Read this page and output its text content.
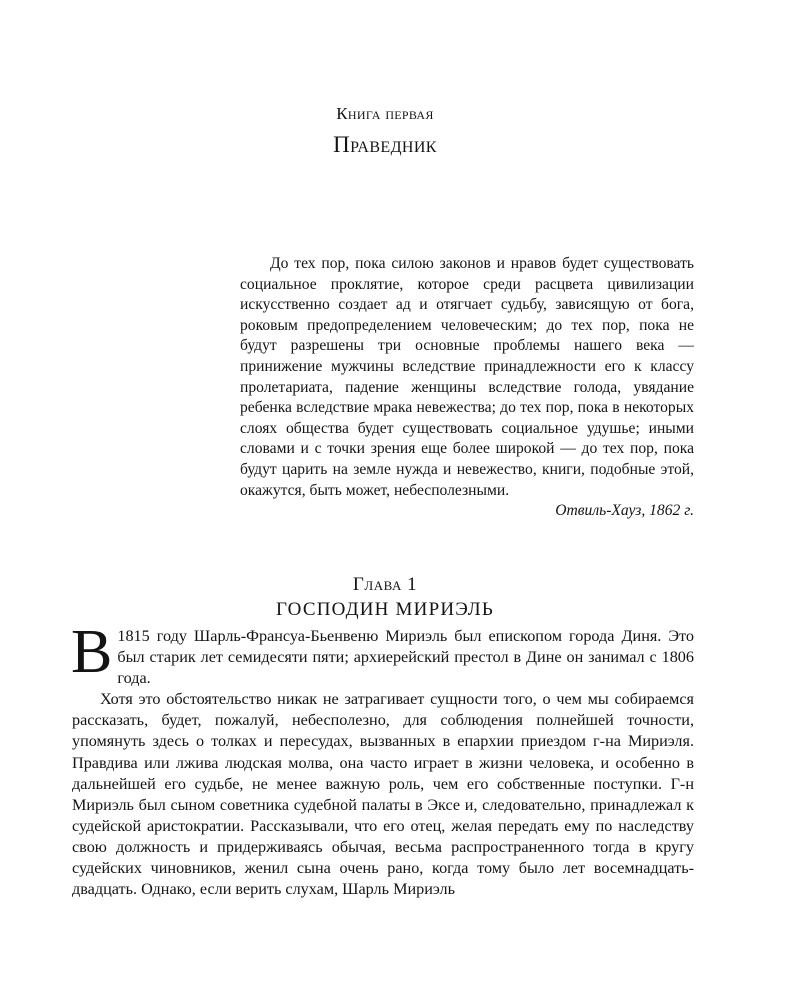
Книга первая
Праведник

До тех пор, пока силою законов и нравов будет существовать социальное проклятие, которое среди расцвета цивилизации искусственно создает ад и отягчает судьбу, зависящую от бога, роковым предопределением человеческим; до тех пор, пока не будут разрешены три основные проблемы нашего века — принижение мужчины вследствие принадлежности его к классу пролетариата, падение женщины вследствие голода, увядание ребенка вследствие мрака невежества; до тех пор, пока в некоторых слоях общества будет существовать социальное удушье; иными словами и с точки зрения еще более широкой — до тех пор, пока будут царить на земле нужда и невежество, книги, подобные этой, окажутся, быть может, небесполезными.

Отвиль-Хауз, 1862 г.

Глава 1
ГОСПОДИН МИРИЭЛЬ

В 1815 году Шарль-Франсуа-Бьенвеню Мириэль был епископом города Диня. Это был старик лет семидесяти пяти; архиерейский престол в Дине он занимал с 1806 года.

Хотя это обстоятельство никак не затрагивает сущности того, о чем мы собираемся рассказать, будет, пожалуй, небесполезно, для соблюдения полнейшей точности, упомянуть здесь о толках и пересудах, вызванных в епархии приездом г-на Мириэля. Правдива или лжива людская молва, она часто играет в жизни человека, и особенно в дальнейшей его судьбе, не менее важную роль, чем его собственные поступки. Г-н Мириэль был сыном советника судебной палаты в Эксе и, следовательно, принадлежал к судейской аристократии. Рассказывали, что его отец, желая передать ему по наследству свою должность и придерживаясь обычая, весьма распространенного тогда в кругу судейских чиновников, женил сына очень рано, когда тому было лет восемнадцать-двадцать. Однако, если верить слухам, Шарль Мириэль
